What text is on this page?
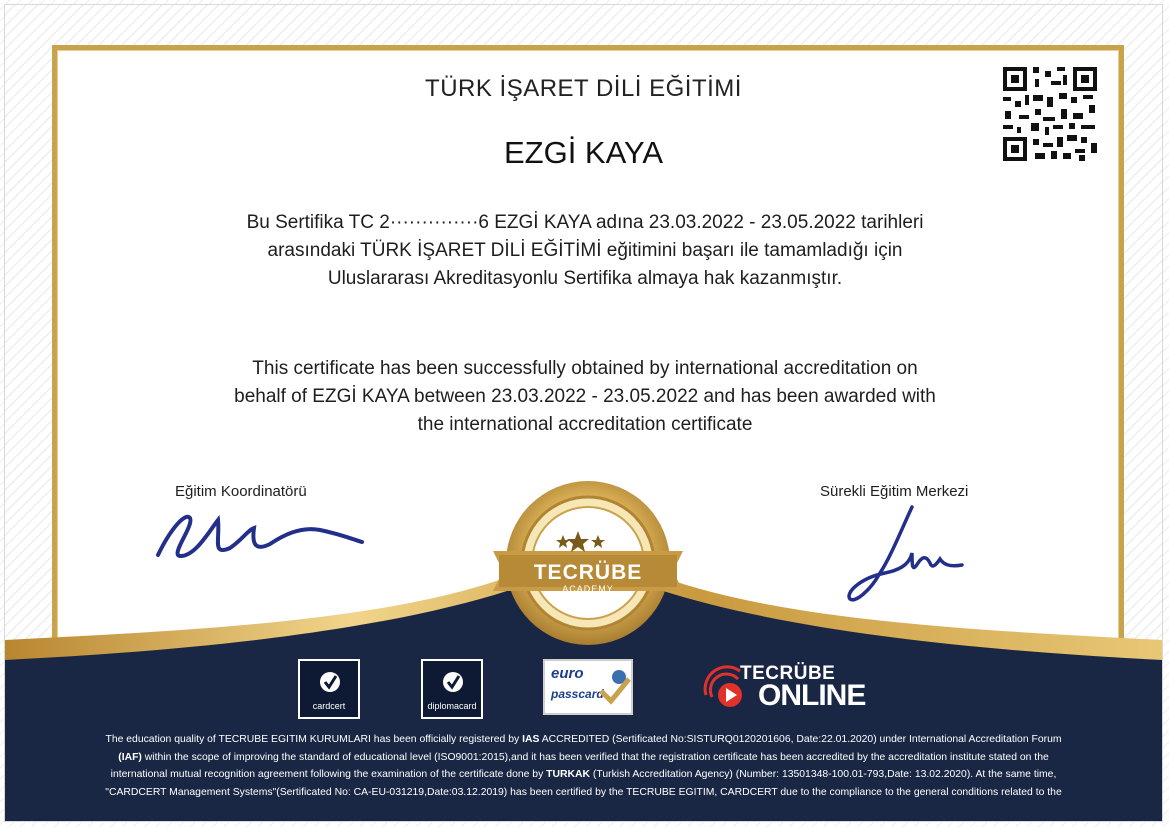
TÜRK İŞARET DİLİ EĞİTİMİ
EZGİ KAYA
Bu Sertifika TC 2··············6 EZGİ KAYA adına 23.03.2022 - 23.05.2022 tarihleri
arasındaki TÜRK İŞARET DİLİ EĞİTİMİ eğitimini başarı ile tamamladığı için
Uluslararası Akreditasyonlu Sertifika almaya hak kazanmıştır.
This certificate has been successfully obtained by international accreditation on
behalf of EZGİ KAYA between 23.03.2022 - 23.05.2022 and has been awarded with
the international accreditation certificate
Eğitim Koordinatörü	Sürekli Eğitim Merkezi
TECRÜBE
ACADEMY
cardcert	diplomacard
euro
passcard
TECRÜBE
ONLINE
The education quality of TECRUBE EGITIM KURUMLARI has been officially registered by IAS ACCREDITED (Sertificated No:SISTURQ0120201606, Date:22.01.2020) under International Accreditation Forum
(IAF) within the scope of improving the standard of educational level (ISO9001:2015),and it has been verified that the registration certificate has been accredited by the accreditation institute stated on the
international mutual recognition agreement following the examination of the certificate done by TURKAK (Turkish Accreditation Agency) (Number: 13501348-100.01-793,Date: 13.02.2020). At the same time,
"CARDCERT Management Systems"(Sertificated No: CA-EU-031219,Date:03.12.2019) has been certified by the TECRUBE EGITIM, CARDCERT due to the compliance to the general conditions related to the
